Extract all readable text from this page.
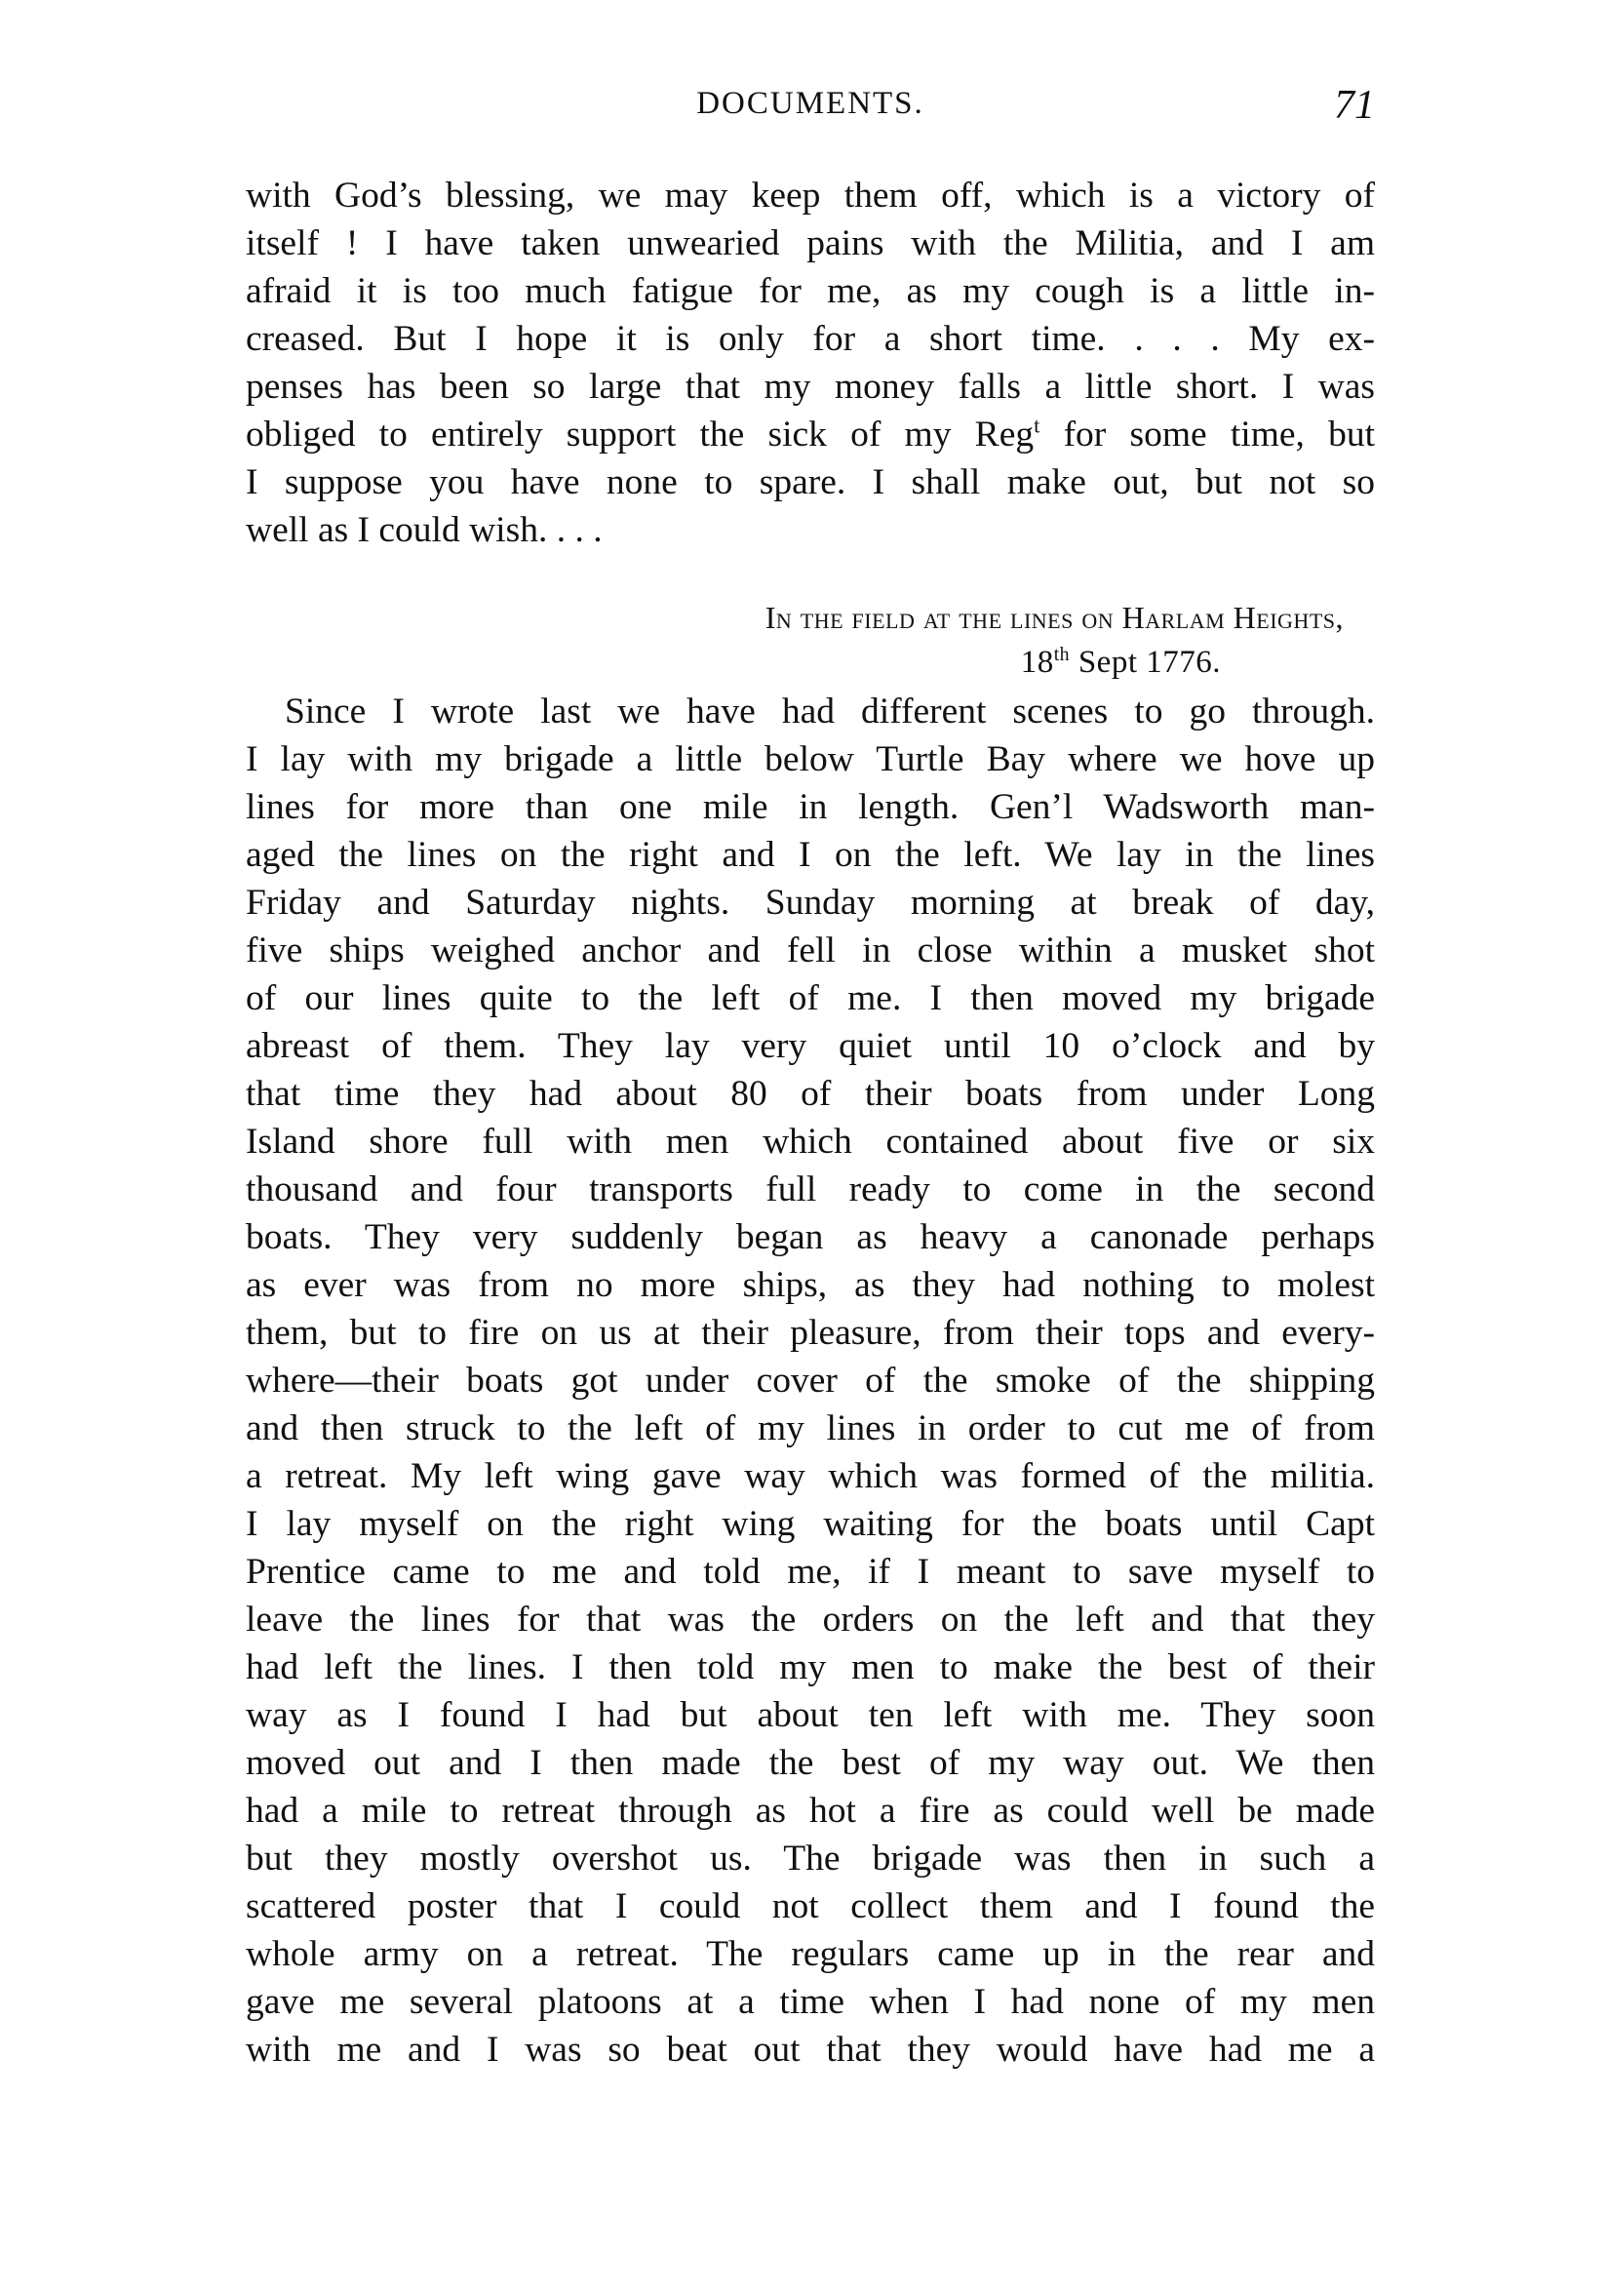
DOCUMENTS.	71
with God’s blessing, we may keep them off, which is a victory of
itself ! I have taken unwearied pains with the Militia, and I am
afraid it is too much fatigue for me, as my cough is a little in-
creased. But I hope it is only for a short time. . . . My ex-
penses has been so large that my money falls a little short. I was
obliged to entirely support the sick of my Reg$^t$ for some time, but
I suppose you have none to spare. I shall make out, but not so
well as I could wish. . . .
In the field at the lines on Harlam Heights,
18th Sept 1776.
Since I wrote last we have had different scenes to go through.
I lay with my brigade a little below Turtle Bay where we hove up
lines for more than one mile in length. Gen’l Wadsworth man-
aged the lines on the right and I on the left. We lay in the lines
Friday and Saturday nights. Sunday morning at break of day,
five ships weighed anchor and fell in close within a musket shot
of our lines quite to the left of me. I then moved my brigade
abreast of them. They lay very quiet until 10 o’clock and by
that time they had about 80 of their boats from under Long
Island shore full with men which contained about five or six
thousand and four transports full ready to come in the second
boats. They very suddenly began as heavy a canonade perhaps
as ever was from no more ships, as they had nothing to molest
them, but to fire on us at their pleasure, from their tops and every-
where—their boats got under cover of the smoke of the shipping
and then struck to the left of my lines in order to cut me of from
a retreat. My left wing gave way which was formed of the militia.
I lay myself on the right wing waiting for the boats until Capt
Prentice came to me and told me, if I meant to save myself to
leave the lines for that was the orders on the left and that they
had left the lines. I then told my men to make the best of their
way as I found I had but about ten left with me. They soon
moved out and I then made the best of my way out. We then
had a mile to retreat through as hot a fire as could well be made
but they mostly overshot us. The brigade was then in such a
scattered poster that I could not collect them and I found the
whole army on a retreat. The regulars came up in the rear and
gave me several platoons at a time when I had none of my men
with me and I was so beat out that they would have had me a
